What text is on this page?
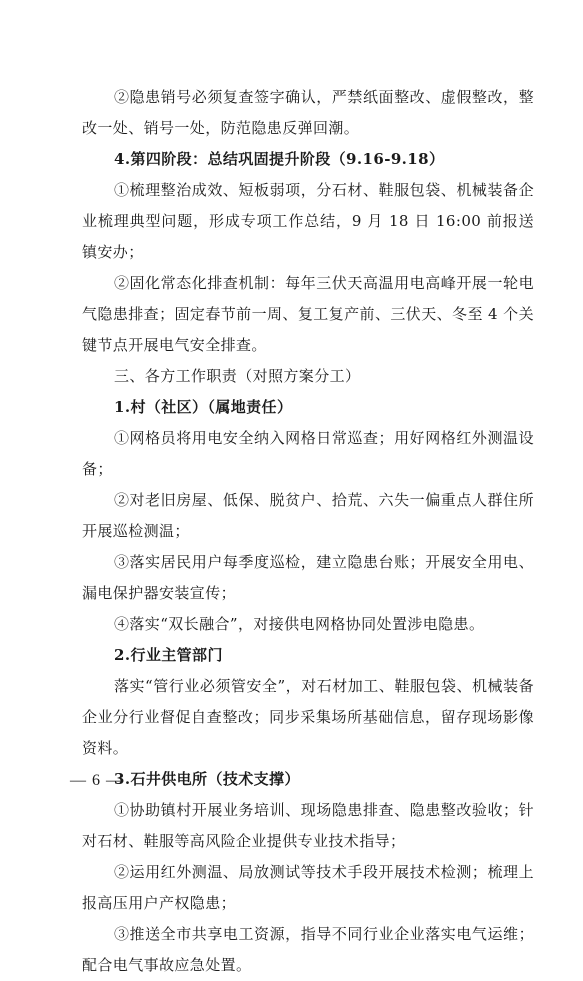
②隐患销号必须复查签字确认，严禁纸面整改、虚假整改，整改一处、销号一处，防范隐患反弹回潮。

4.第四阶段：总结巩固提升阶段（9.16-9.18）

①梳理整治成效、短板弱项，分石材、鞋服包袋、机械装备企业梳理典型问题，形成专项工作总结，9 月 18 日 16:00 前报送镇安办；

②固化常态化排查机制：每年三伏天高温用电高峰开展一轮电气隐患排查；固定春节前一周、复工复产前、三伏天、冬至 4 个关键节点开展电气安全排查。

三、各方工作职责（对照方案分工）

1.村（社区）（属地责任）

①网格员将用电安全纳入网格日常巡查；用好网格红外测温设备；

②对老旧房屋、低保、脱贫户、拾荒、六失一偏重点人群住所开展巡检测温；

③落实居民用户每季度巡检，建立隐患台账；开展安全用电、漏电保护器安装宣传；

④落实“双长融合”，对接供电网格协同处置涉电隐患。

2.行业主管部门

落实“管行业必须管安全”，对石材加工、鞋服包袋、机械装备企业分行业督促自查整改；同步采集场所基础信息，留存现场影像资料。

3.石井供电所（技术支撑）

①协助镇村开展业务培训、现场隐患排查、隐患整改验收；针对石材、鞋服等高风险企业提供专业技术指导；

②运用红外测温、局放测试等技术手段开展技术检测；梳理上报高压用户产权隐患；

③推送全市共享电工资源，指导不同行业企业落实电气运维；配合电气事故应急处置。

— 6 —
